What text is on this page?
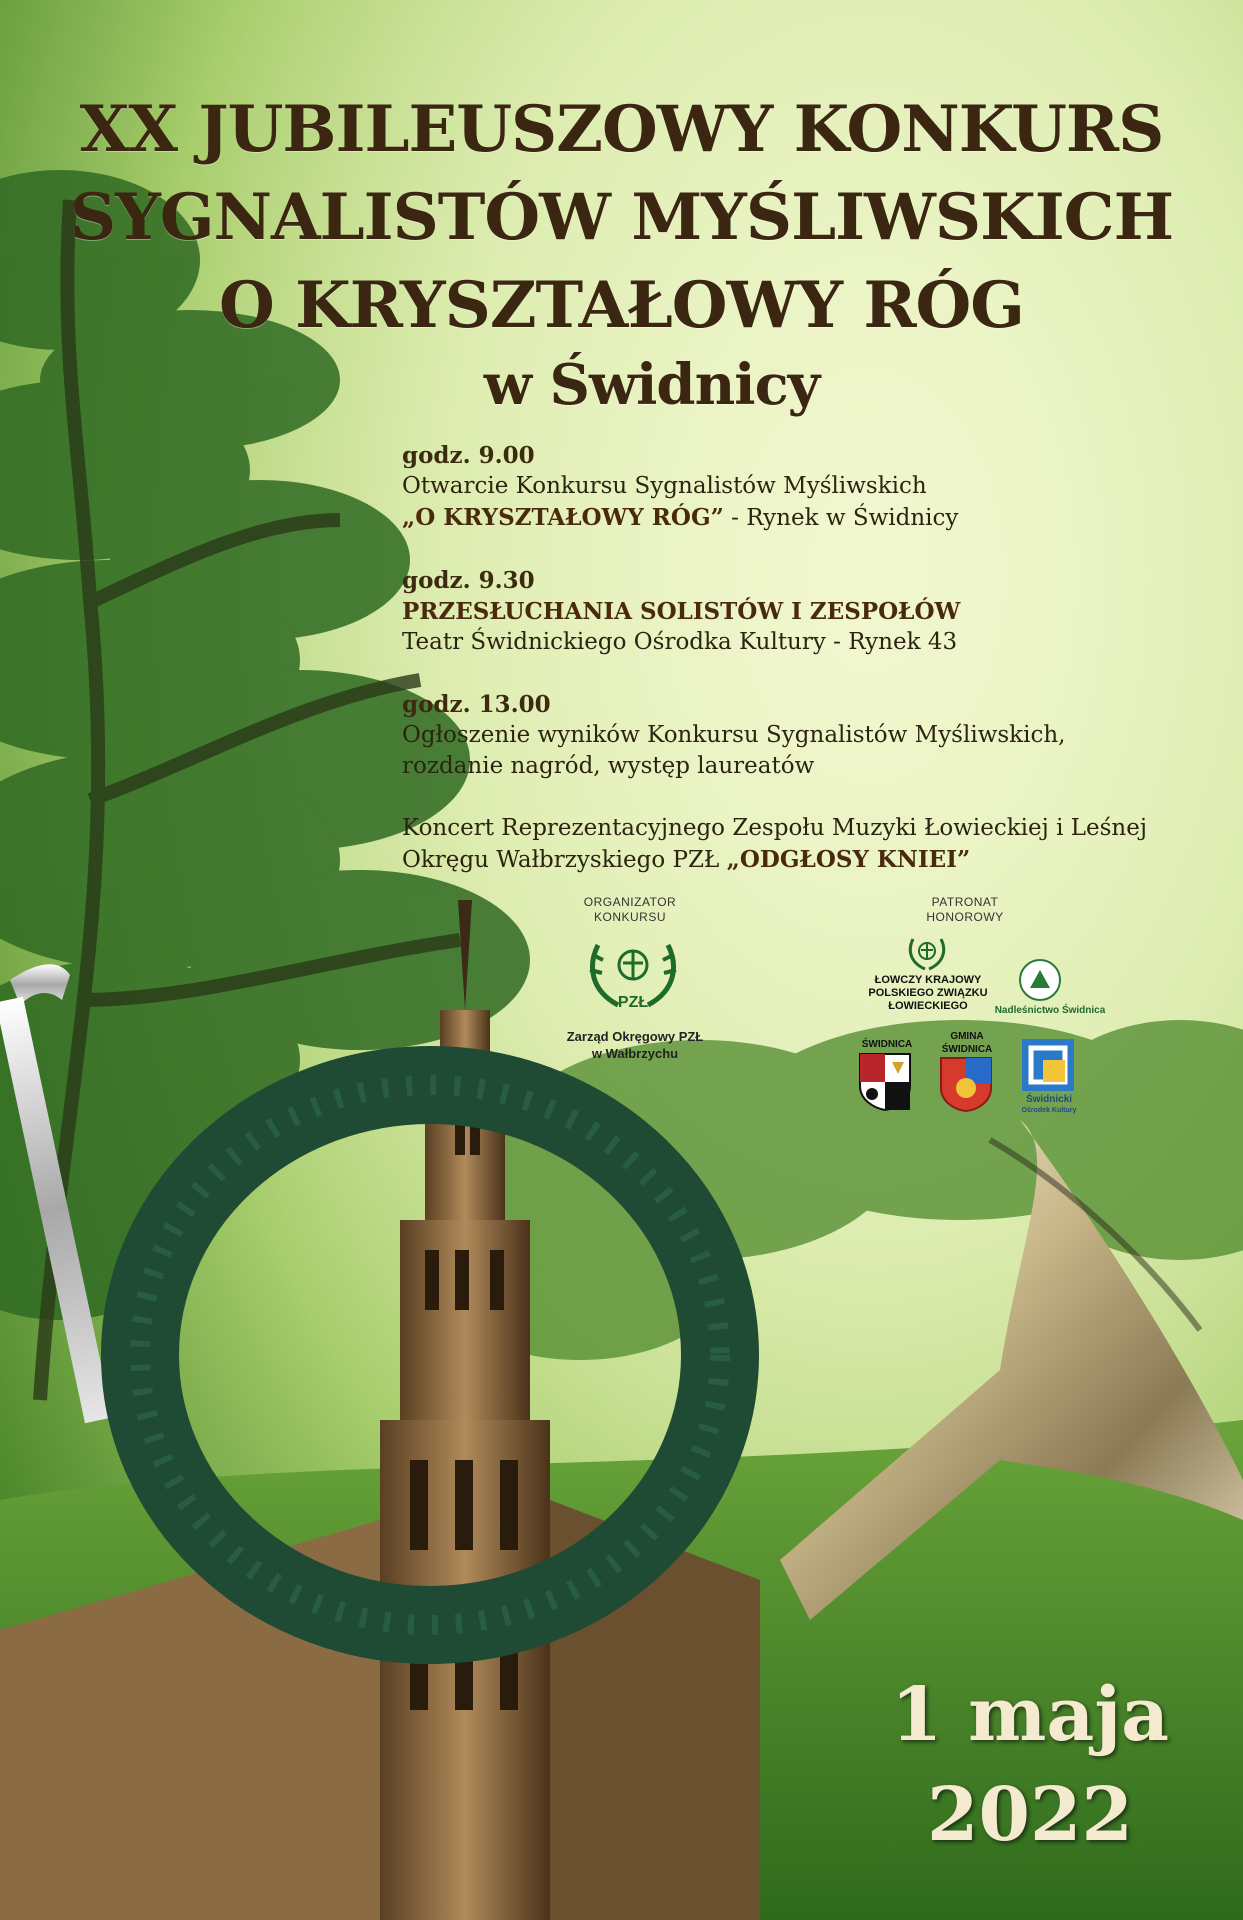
XX JUBILEUSZOWY KONKURS
SYGNALISTÓW MYŚLIWSKICH
O KRYSZTAŁOWY RÓG
w Świdnicy

godz. 9.00

Otwarcie Konkursu Sygnalistów Myśliwskich

„O KRYSZTAŁOWY RÓG” - Rynek w Świdnicy

godz. 9.30

PRZESŁUCHANIA SOLISTÓW I ZESPOŁÓW

Teatr Świdnickiego Ośrodka Kultury - Rynek 43

godz. 13.00

Ogłoszenie wyników Konkursu Sygnalistów Myśliwskich,

rozdanie nagród, występ laureatów

Koncert Reprezentacyjnego Zespołu Muzyki Łowieckiej i Leśnej

Okręgu Wałbrzyskiego PZŁ „ODGŁOSY KNIEI”

ORGANIZATOR
KONKURSU
PZŁ
Zarząd Okręgowy PZŁ
w Wałbrzychu
PATRONAT
HONOROWY
ŁOWCZY KRAJOWY
POLSKIEGO ZWIĄZKU
ŁOWIECKIEGO	Nadleśnictwo Świdnica
ŚWIDNICA
GMINA
ŚWIDNICA
Świdnicki
Ośrodek Kultury
1 maja
2022
